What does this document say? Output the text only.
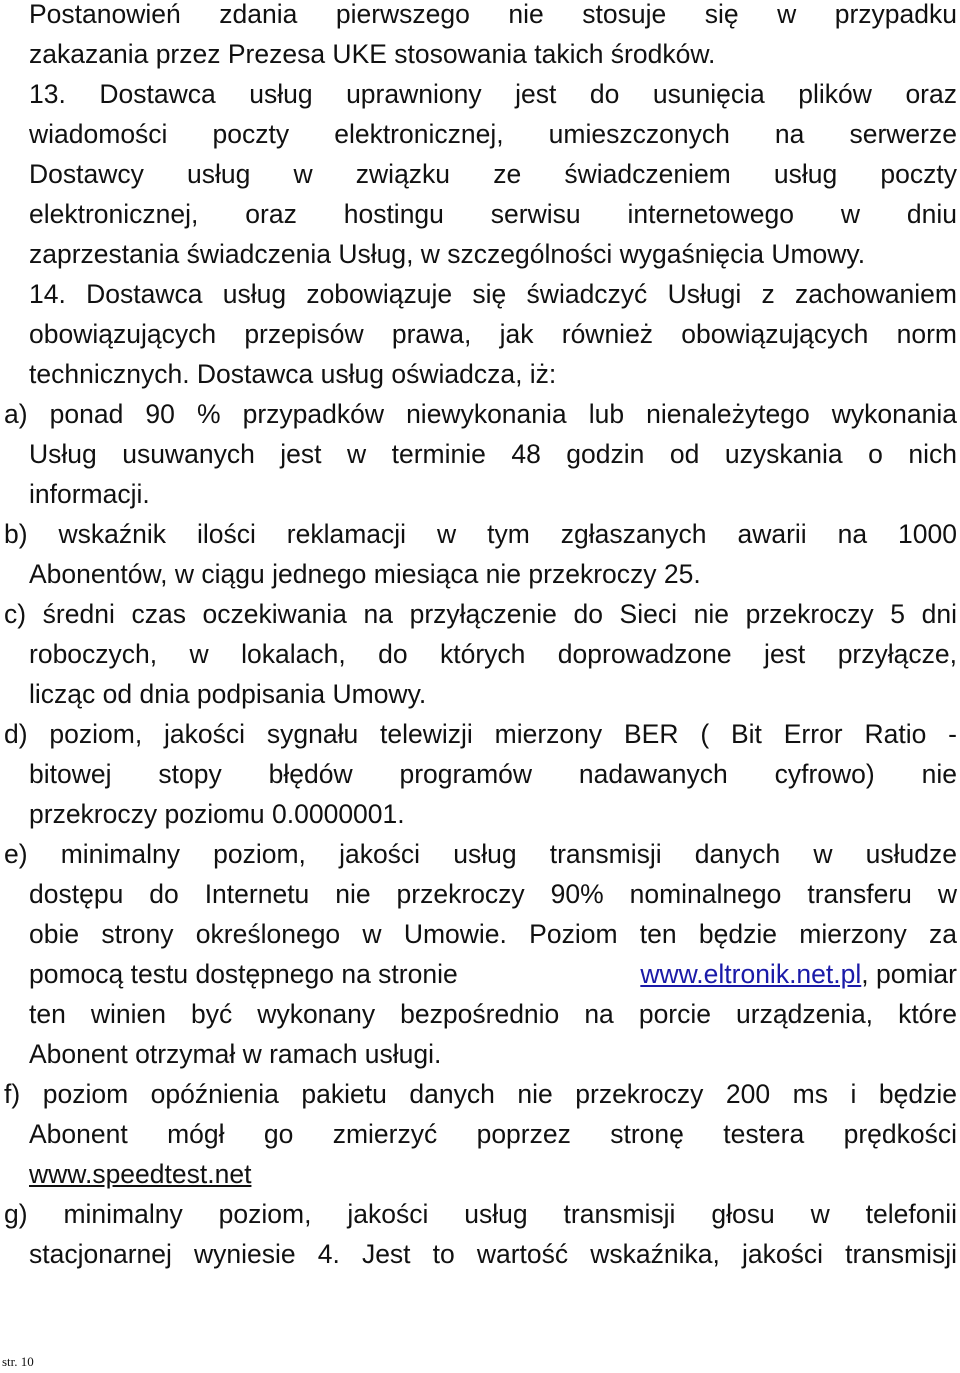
Postanowień zdania pierwszego nie stosuje się w przypadku
zakazania przez Prezesa UKE stosowania takich środków.
13. Dostawca usług uprawniony jest do usunięcia plików oraz
wiadomości poczty elektronicznej, umieszczonych na serwerze
Dostawcy usług w związku ze świadczeniem usług poczty
elektronicznej, oraz hostingu serwisu internetowego w dniu
zaprzestania świadczenia Usług, w szczególności wygaśnięcia Umowy.
14. Dostawca usług zobowiązuje się świadczyć Usługi z zachowaniem
obowiązujących przepisów prawa, jak również obowiązujących norm
technicznych. Dostawca usług oświadcza, iż:
a) ponad 90 % przypadków niewykonania lub nienależytego wykonania
Usług usuwanych jest w terminie 48 godzin od uzyskania o nich
informacji.
b) wskaźnik ilości reklamacji w tym zgłaszanych awarii na 1000
Abonentów, w ciągu jednego miesiąca nie przekroczy 25.
c) średni czas oczekiwania na przyłączenie do Sieci nie przekroczy 5 dni
roboczych, w lokalach, do których doprowadzone jest przyłącze,
licząc od dnia podpisania Umowy.
d) poziom, jakości sygnału telewizji mierzony BER ( Bit Error Ratio -
bitowej stopy błędów programów nadawanych cyfrowo) nie
przekroczy poziomu 0.0000001.
e) minimalny poziom, jakości usług transmisji danych w usłudze
dostępu do Internetu nie przekroczy 90% nominalnego transferu w
obie strony określonego w Umowie. Poziom ten będzie mierzony za
pomocą testu dostępnego na stronie	www.eltronik.net.pl, pomiar
ten winien być wykonany bezpośrednio na porcie urządzenia, które
Abonent otrzymał w ramach usługi.
f) poziom opóźnienia pakietu danych nie przekroczy 200 ms i będzie
Abonent mógł go zmierzyć poprzez stronę testera prędkości
www.speedtest.net
g) minimalny poziom, jakości usług transmisji głosu w telefonii
stacjonarnej wyniesie 4. Jest to wartość wskaźnika, jakości transmisji
str. 10
